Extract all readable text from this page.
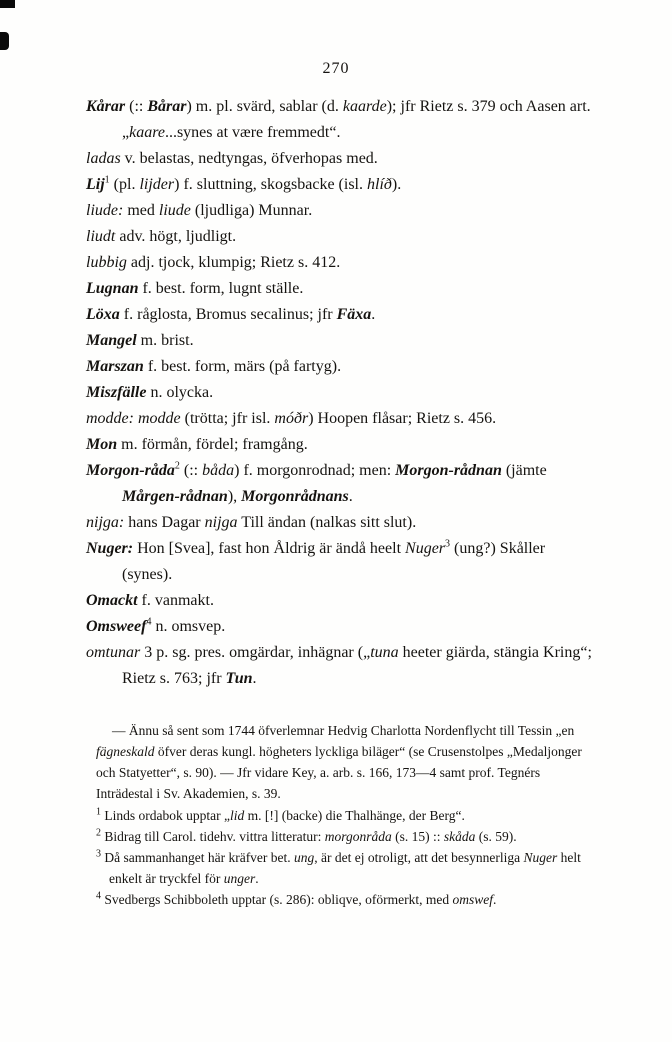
270

Kårar (:: Bårar) m. pl. svärd, sablar (d. kaarde); jfr Rietz s. 379 och Aasen art. „kaare...synes at være fremmedt“.

ladas v. belastas, nedtyngas, öfverhopas med.

Lij$^1$ (pl. lijder) f. sluttning, skogsbacke (isl. hlíð).

liude: med liude (ljudliga) Munnar.

liudt adv. högt, ljudligt.

lubbig adj. tjock, klumpig; Rietz s. 412.

Lugnan f. best. form, lugnt ställe.

Löxa f. råglosta, Bromus secalinus; jfr Fäxa.

Mangel m. brist.

Marszan f. best. form, märs (på fartyg).

Miszfälle n. olycka.

modde: modde (trötta; jfr isl. móðr) Hoopen flåsar; Rietz s. 456.

Mon m. förmån, fördel; framgång.

Morgon-råda$^2$ (:: båda) f. morgonrodnad; men: Morgon-rådnan (jämte Mårgen-rådnan), Morgonrådnans.

nijga: hans Dagar nijga Till ändan (nalkas sitt slut).

Nuger: Hon [Svea], fast hon Åldrig är ändå heelt Nuger$^3$ (ung?) Skåller (synes).

Omackt f. vanmakt.

Omsweef$^4$ n. omsvep.

omtunar 3 p. sg. pres. omgärdar, inhägnar („tuna heeter giärda, stängia Kring“; Rietz s. 763; jfr Tun.

— Ännu så sent som 1744 öfverlemnar Hedvig Charlotta Nordenflycht till Tessin „en fägneskald öfver deras kungl. högheters lyckliga biläger“ (se Crusenstolpes „Medaljonger och Statyetter“, s. 90). — Jfr vidare Key, a. arb. s. 166, 173—4 samt prof. Tegnérs Inträdestal i Sv. Akademien, s. 39.

$^1$ Linds ordabok upptar „lid m. [!] (backe) die Thalhänge, der Berg“.

$^2$ Bidrag till Carol. tidehv. vittra litteratur: morgonråda (s. 15) :: skåda (s. 59).

$^3$ Då sammanhanget här kräfver bet. ung, är det ej otroligt, att det besynnerliga Nuger helt enkelt är tryckfel för unger.

$^4$ Svedbergs Schibboleth upptar (s. 286): obliqve, oförmerkt, med omswef.
